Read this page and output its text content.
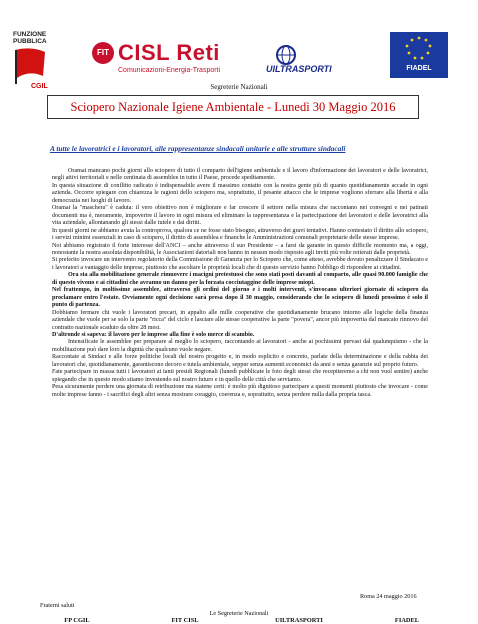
FUNZIONE PUBBLICA
CGIL
FIT CISL Reti
Comunicazioni-Energia-Trasporti	UILTRASPORTI	FIADEL
Segreterie Nazionali
Sciopero Nazionale Igiene Ambientale - Lunedì 30 Maggio 2016
A tutte le lavoratrici e i lavoratori, alle rappresentanze sindacali unitarie e alle strutture sindacali

Oramai mancano pochi giorni allo sciopero di tutto il comparto dell'igiene ambientale e il lavoro d'informazione dei lavoratori e delle lavoratrici, negli attivi territoriali e nelle centinaia di assemblee in tutto il Paese, procede speditamente.

In questa situazione di conflitto radicato è indispensabile avere il massimo contatto con la nostra gente più di quanto quotidianamente accade in ogni azienda. Occorre spiegare con chiarezza le ragioni dello sciopero ma, soprattutto, il pesante attacco che le imprese vogliono sferrare alla libertà e alla democrazia nei luoghi di lavoro.

Oramai la "maschera" è caduta: il vero obiettivo non è migliorare e far crescere il settore nella misura che raccontano nei convegni e nei patinati documenti ma è, meramente, impoverire il lavoro in ogni misura ed eliminare la rappresentanza e la partecipazione dei lavoratori e delle lavoratrici alla vita aziendale, allontanando gli stessi dalle tutele e dai diritti.

In questi giorni ne abbiamo avuta la controprova, qualora ce ne fosse stato bisogno, attraverso dei gravi tentativi. Hanno contestato il diritto allo sciopero, i servizi minimi essenziali in caso di sciopero, il diritto di assemblea e finanche le Amministrazioni comunali proprietarie delle stesse imprese.

Noi abbiamo registrato il forte interesse dell'ANCI – anche attraverso il suo Presidente – a farsi da garante in questo difficile momento ma, a oggi, nonostante la nostra assoluta disponibilità, le Associazioni datoriali non hanno in nessun modo risposto agli inviti più volte reiterati dalle proprietà.

Si preferito invocare un intervento regolatorio della Commissione di Garanzia per lo Sciopero che, come atteso, avrebbe dovuto penalizzare il Sindacato e i lavoratori a vantaggio delle imprese, piuttosto che ascoltare le proprietà locali che di questo servizio hanno l'obbligo di rispondere ai cittadini.

Ora sta alla mobilitazione generale rimuovere i macigni pretestuosi che sono stati posti davanti al comparto, alle quasi 90.000 famiglie che di questo vivono e ai cittadini che avranno un danno per la forzata cocciutaggine delle imprese miopi.

Nel frattempo, in moltissime assemblee, attraverso gli ordini del giorno e i molti interventi, s'invocano ulteriori giornate di sciopero da proclamare entro l'estate. Ovviamente ogni decisione sarà presa dopo il 30 maggio, considerando che lo sciopero di lunedì prossimo è solo il punto di partenza.

Dobbiamo fermare chi vuole i lavoratori precari, in appalto alle mille cooperative che quotidianamente brucano intorno alle logiche della finanza aziendale che vuole per se solo la parte "ricca" del ciclo e lasciare alle stesse cooperative la parte "povera", ancor più impoverita dal mancato rinnovo del contratto nazionale scaduto da oltre 28 mesi.

D'altronde si sapeva: il lavoro per le imprese alla fine è solo merce di scambio.

Intensificate le assemblee per preparare al meglio lo sciopero, raccontando ai lavoratori - anche ai pochissimi pervasi dal qualunquismo - che la mobilitazione può dare loro la dignità che qualcuno vuole negare.

Raccontate ai Sindaci e alle forze politiche locali del nostro progetto e, in modo esplicito e concreto, parlate della determinazione e della rabbia dei lavoratori che, quotidianamente, garantiscono decoro e tutela ambientale, seppur senza aumenti economici da anni e senza garanzie sul proprio futuro.

Fate partecipare in massa tutti i lavoratori ai tanti presidi Regionali (lunedì pubblicate le foto degli stessi che recepiteremo a chi non vuol sentire) anche spiegando che in questo modo stiamo investendo sul nostro futuro e in quello delle città che serviamo.

Pesa sicuramente perdere una giornata di retribuzione ma statene certi: è molto più dignitoso partecipare a questi momenti piuttosto che invocare - come molte imprese fanno - i sacrifici degli altri senza mostrare coraggio, coerenza e, soprattutto, senza perdere nulla dalla propria tasca.

Roma 24 maggio 2016
Fraterni saluti
Le Segreterie Nazionali
FP CGIL	FIT CISL	UILTRASPORTI	FIADEL
